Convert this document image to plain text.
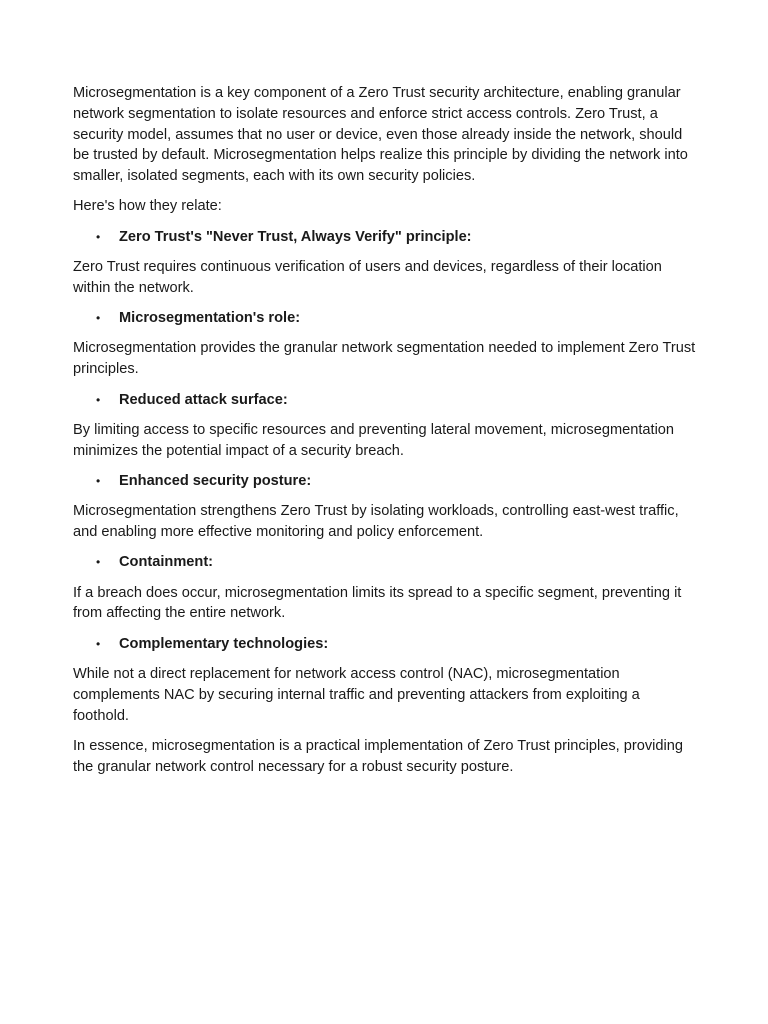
Microsegmentation is a key component of a Zero Trust security architecture, enabling granular network segmentation to isolate resources and enforce strict access controls. Zero Trust, a security model, assumes that no user or device, even those already inside the network, should be trusted by default. Microsegmentation helps realize this principle by dividing the network into smaller, isolated segments, each with its own security policies.

Here's how they relate:

• Zero Trust's "Never Trust, Always Verify" principle:

Zero Trust requires continuous verification of users and devices, regardless of their location within the network.

• Microsegmentation's role:

Microsegmentation provides the granular network segmentation needed to implement Zero Trust principles.

• Reduced attack surface:

By limiting access to specific resources and preventing lateral movement, microsegmentation minimizes the potential impact of a security breach.

• Enhanced security posture:

Microsegmentation strengthens Zero Trust by isolating workloads, controlling east-west traffic, and enabling more effective monitoring and policy enforcement.

• Containment:

If a breach does occur, microsegmentation limits its spread to a specific segment, preventing it from affecting the entire network.

• Complementary technologies:

While not a direct replacement for network access control (NAC), microsegmentation complements NAC by securing internal traffic and preventing attackers from exploiting a foothold.

In essence, microsegmentation is a practical implementation of Zero Trust principles, providing the granular network control necessary for a robust security posture.
